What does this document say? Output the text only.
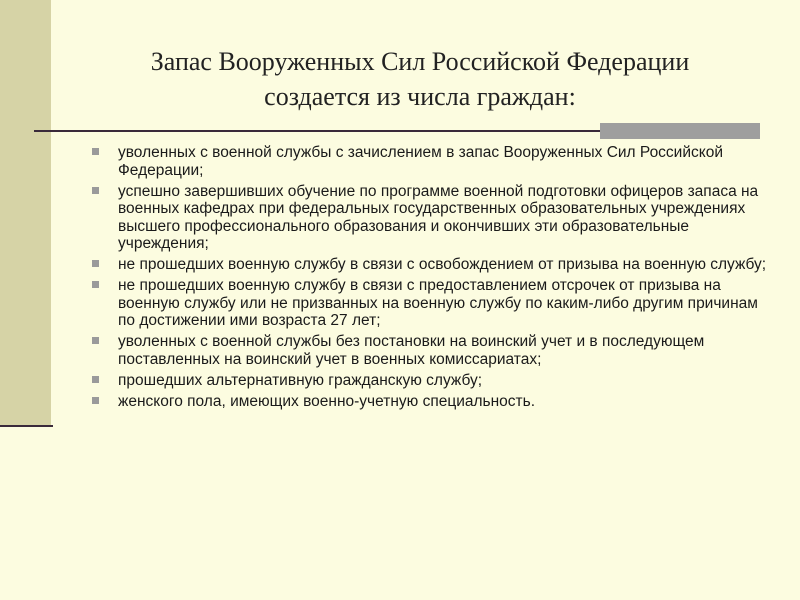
Запас Вооруженных Сил Российской Федерации
создается из числа граждан:
уволенных с военной службы с зачислением в запас Вооруженных Сил Российской Федерации;
успешно завершивших обучение по программе военной подготовки офицеров запаса на военных кафедрах при федеральных государственных образовательных учреждениях высшего профессионального образования и окончивших эти образовательные учреждения;
не прошедших военную службу в связи с освобождением от призыва на военную службу;
не прошедших военную службу в связи с предоставлением отсрочек от призыва на военную службу или не призванных на военную службу по каким-либо другим причинам по достижении ими возраста 27 лет;
уволенных с военной службы без постановки на воинский учет и в последующем поставленных на воинский учет в военных комиссариатах;
прошедших альтернативную гражданскую службу;
женского пола, имеющих военно-учетную специальность.
